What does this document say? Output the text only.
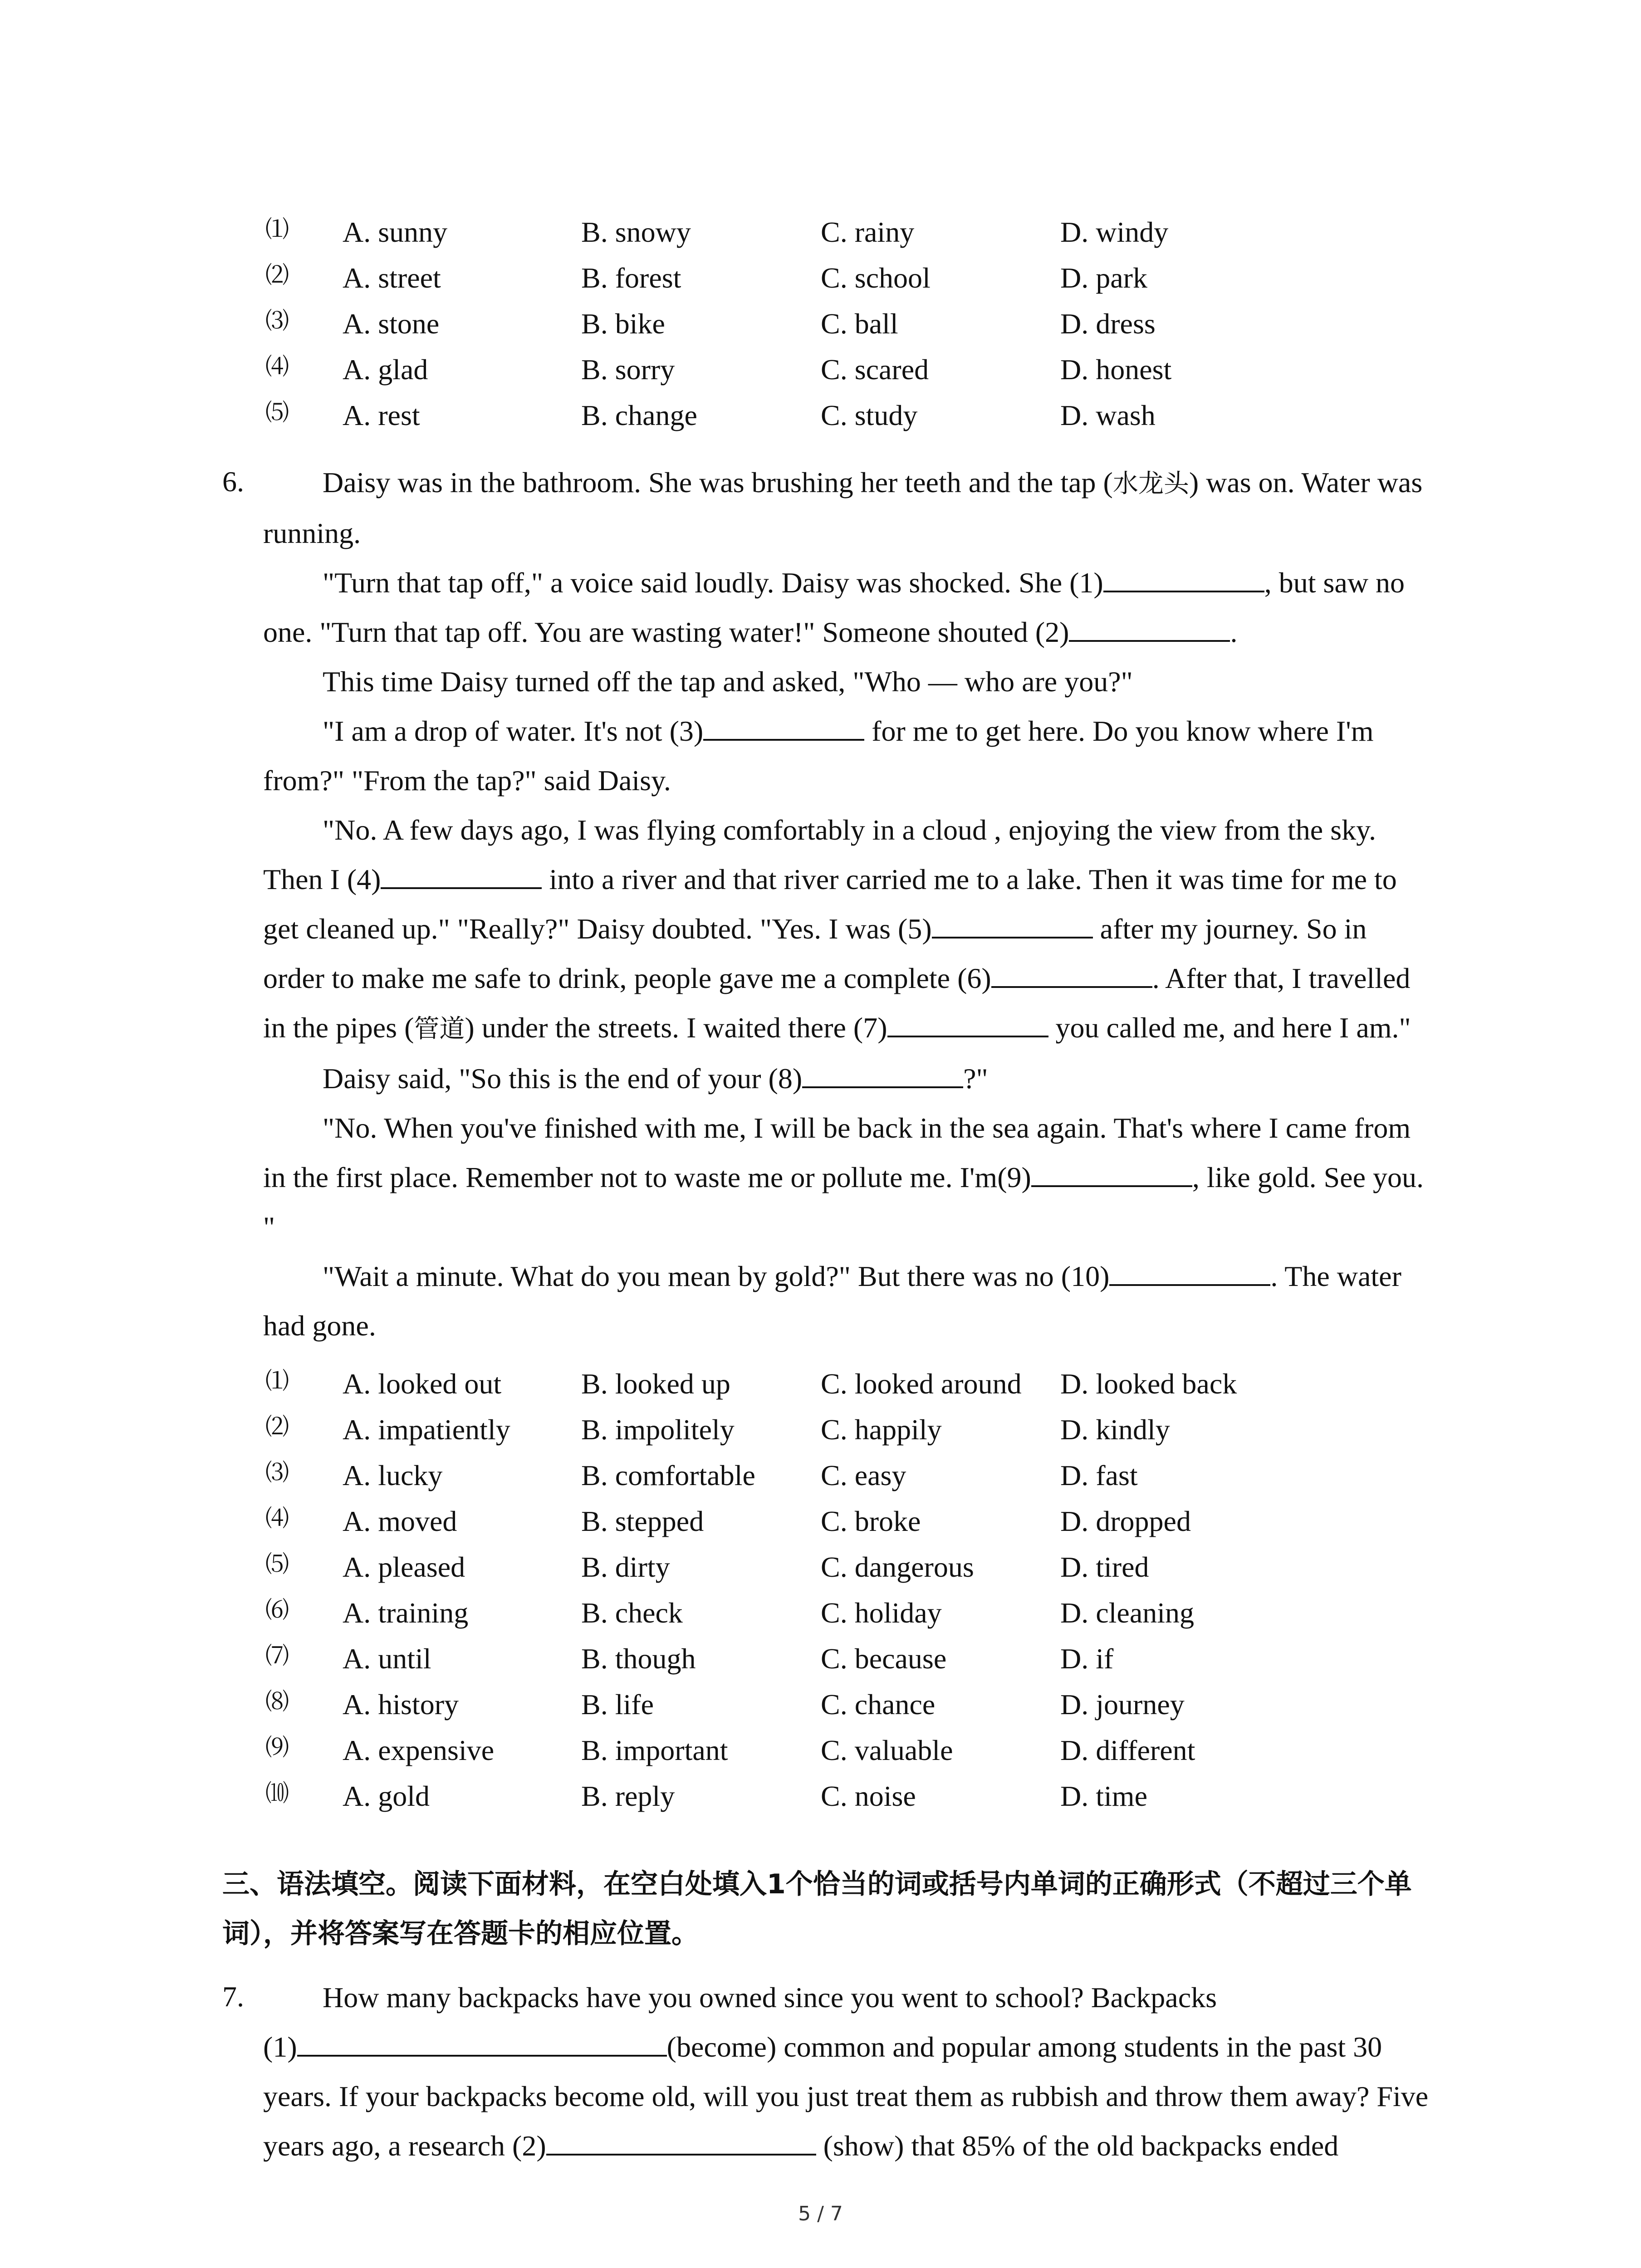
⑴ A. sunny	B. snowy	C. rainy	D. windy
⑵ A. street	B. forest	C. school	D. park
⑶ A. stone	B. bike	C. ball	D. dress
⑷ A. glad	B. sorry	C. scared	D. honest
⑸ A. rest	B. change	C. study	D. wash
6.	Daisy was in the bathroom. She was brushing her teeth and the tap (水龙头) was on. Water was running.
"Turn that tap off," a voice said loudly. Daisy was shocked. She (1)	, but saw no one. "Turn that tap off. You are wasting water!" Someone shouted (2)	.
This time Daisy turned off the tap and asked, "Who — who are you?"
"I am a drop of water. It's not (3)	for me to get here. Do you know where I'm from?" "From the tap?" said Daisy.
"No. A few days ago, I was flying comfortably in a cloud , enjoying the view from the sky. Then I (4)	into a river and that river carried me to a lake. Then it was time for me to get cleaned up." "Really?" Daisy doubted. "Yes. I was (5)	after my journey. So in order to make me safe to drink, people gave me a complete (6)	. After that, I travelled in the pipes (管道) under the streets. I waited there (7)	you called me, and here I am."
Daisy said, "So this is the end of your (8)	?"
"No. When you've finished with me, I will be back in the sea again. That's where I came from in the first place. Remember not to waste me or pollute me. I'm(9)	, like gold. See you. "
"Wait a minute. What do you mean by gold?" But there was no (10)	. The water had gone.
⑴ A. looked out	B. looked up	C. looked around D. looked back
⑵ A. impatiently B. impolitely	C. happily	D. kindly
⑶ A. lucky	B. comfortable C. easy	D. fast
⑷ A. moved	B. stepped	C. broke	D. dropped
⑸ A. pleased	B. dirty	C. dangerous	D. tired
⑹ A. training	B. check	C. holiday	D. cleaning
⑺ A. until	B. though	C. because	D. if
⑻ A. history	B. life	C. chance	D. journey
⑼ A. expensive	B. important	C. valuable	D. different
⑽ A. gold	B. reply	C. noise	D. time
三、语法填空。阅读下面材料，在空白处填入1个恰当的词或括号内单词的正确形式（不超过三个单词），并将答案写在答题卡的相应位置。
7.	How many backpacks have you owned since you went to school? Backpacks
(1)	(become) common and popular among students in the past 30 years. If your backpacks become old, will you just treat them as rubbish and throw them away? Five years ago, a research (2)	(show) that 85% of the old backpacks ended
5 / 7
